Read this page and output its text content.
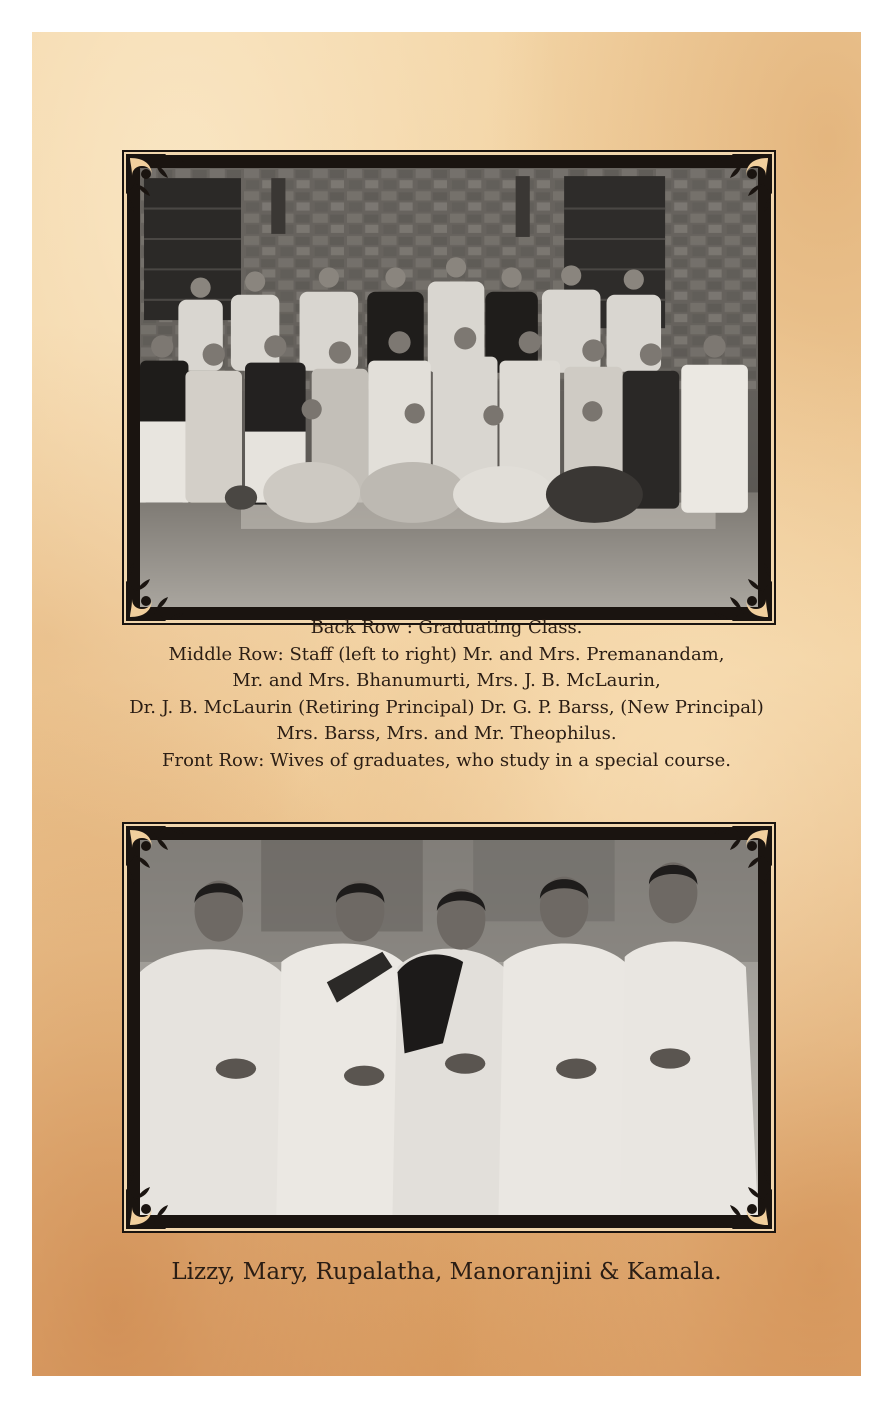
Back Row : Graduating Class.
Middle Row: Staff (left to right) Mr. and Mrs. Premanandam,
Mr. and Mrs. Bhanumurti, Mrs. J. B. McLaurin,
Dr. J. B. McLaurin (Retiring Principal) Dr. G. P. Barss, (New Principal)
Mrs. Barss, Mrs. and Mr. Theophilus.
Front Row: Wives of graduates, who study in a special course.
Lizzy, Mary, Rupalatha, Manoranjini & Kamala.
